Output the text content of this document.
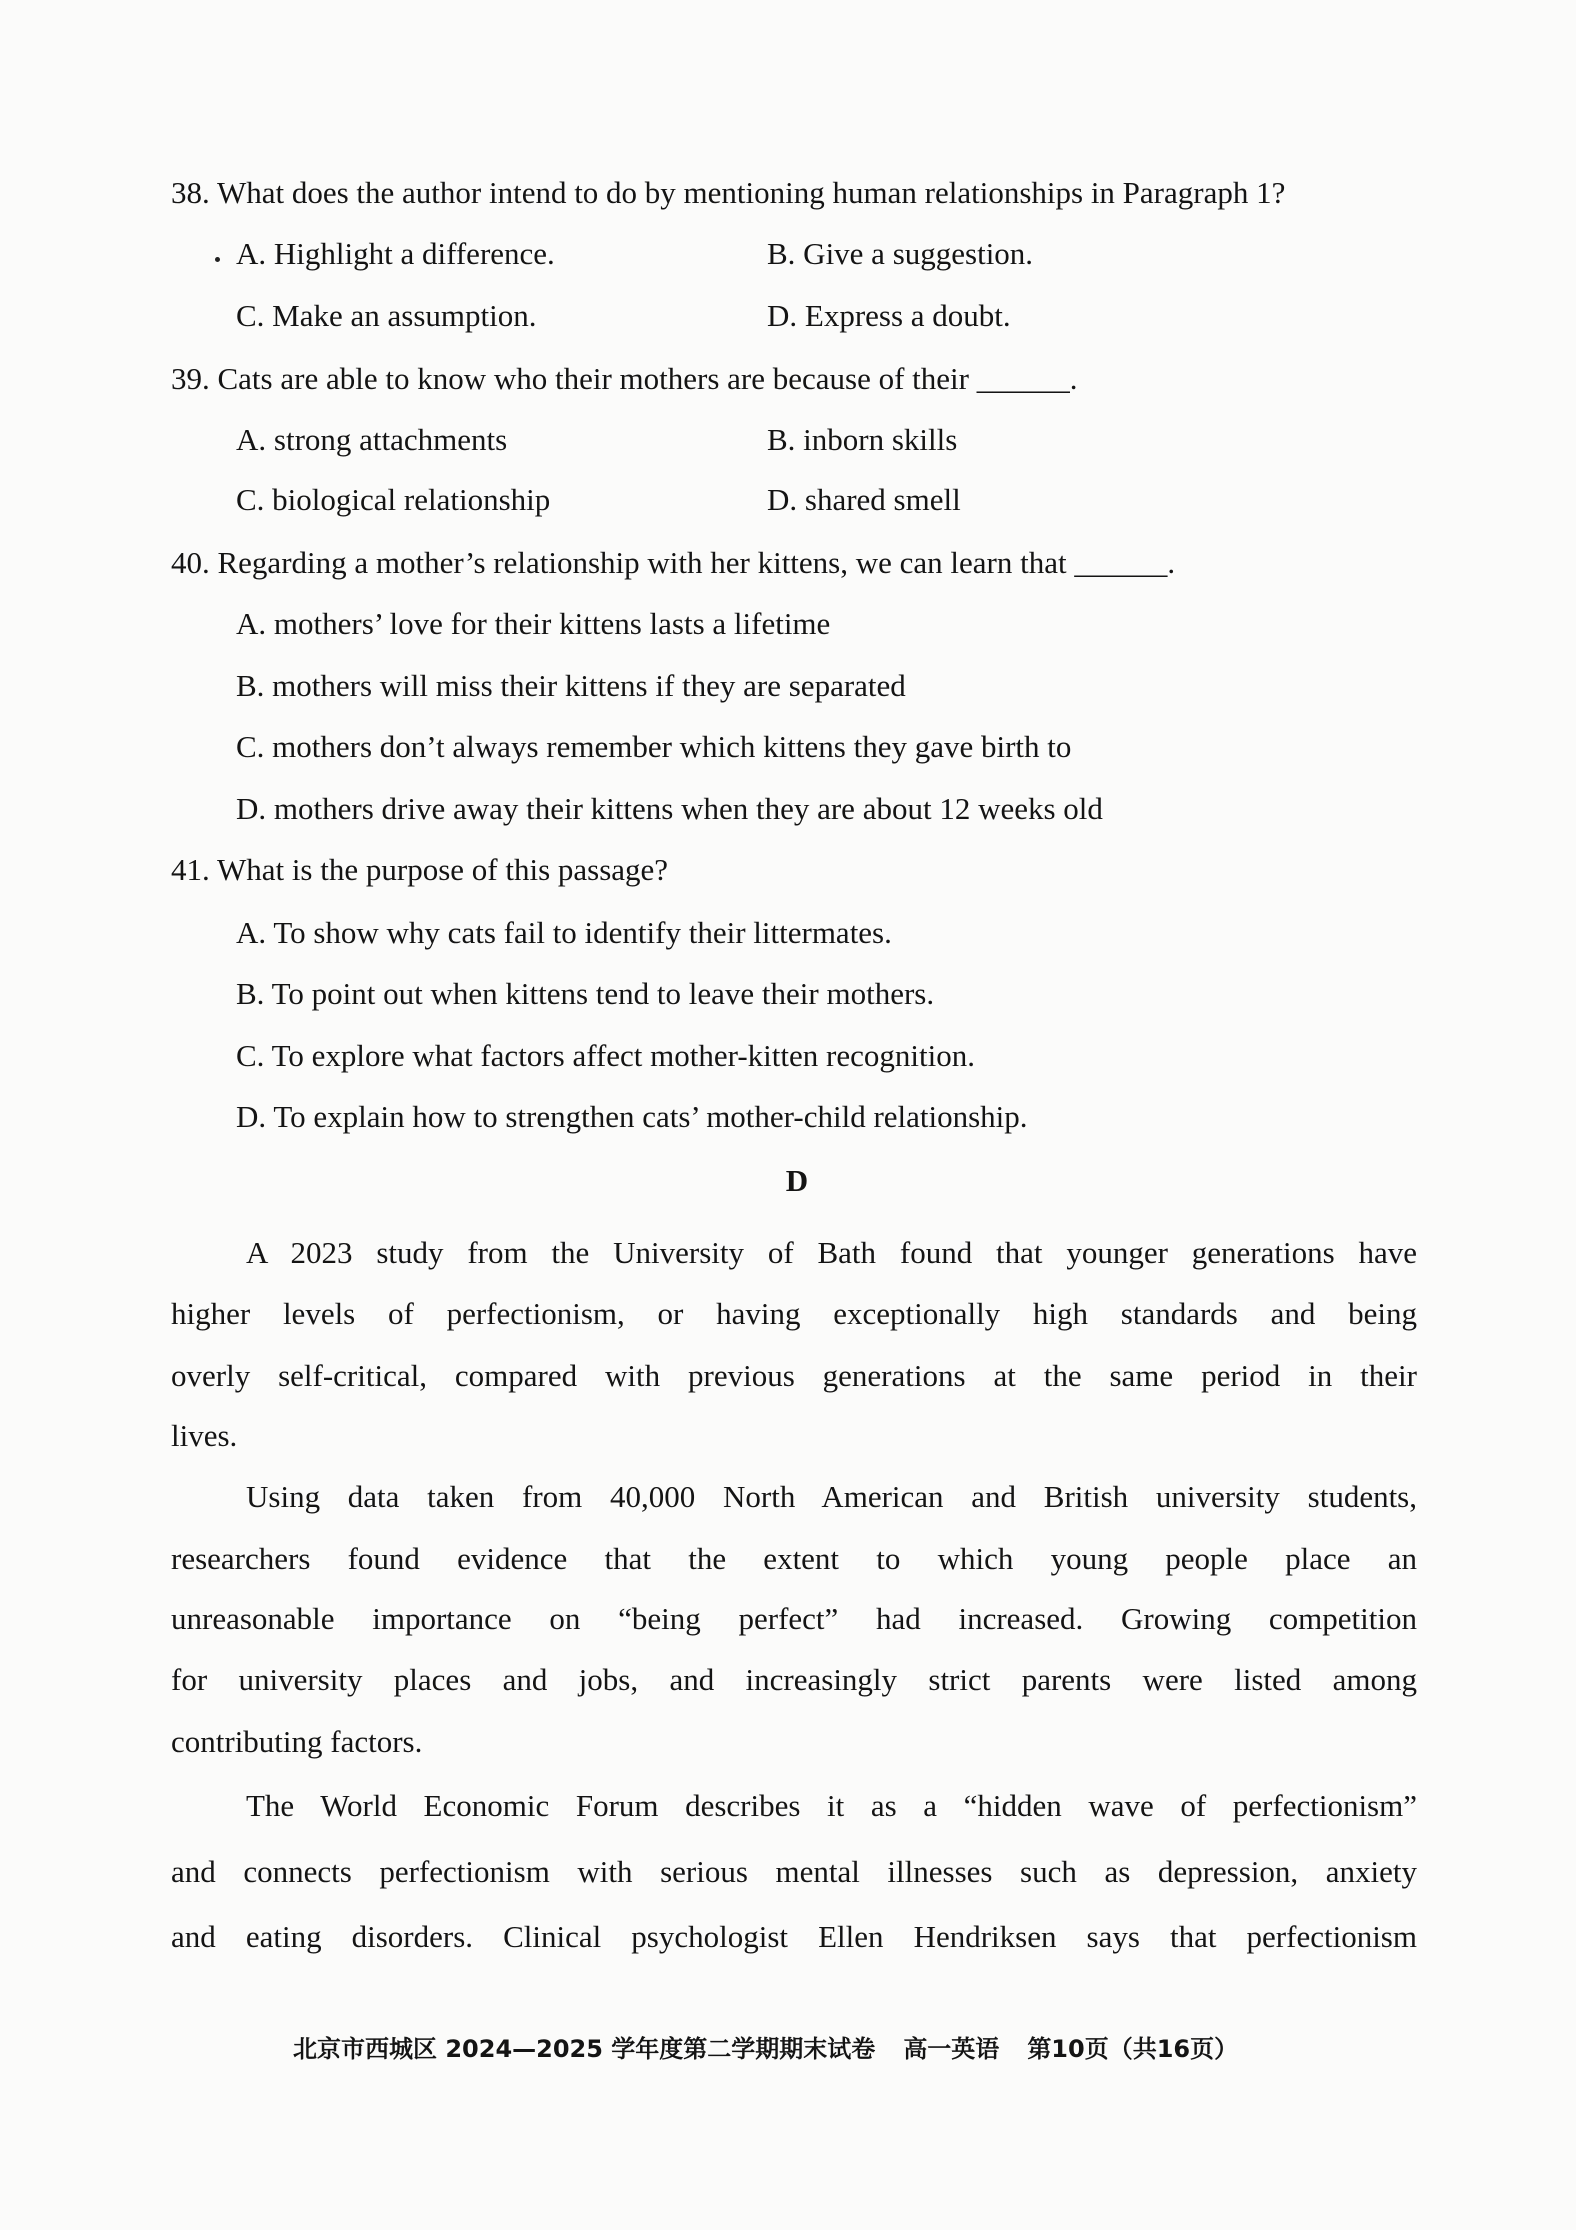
38. What does the author intend to do by mentioning human relationships in Paragraph 1?
A. Highlight a difference.	B. Give a suggestion.
C. Make an assumption.	D. Express a doubt.
39. Cats are able to know who their mothers are because of their ______.
A. strong attachments	B. inborn skills
C. biological relationship	D. shared smell
40. Regarding a mother’s relationship with her kittens, we can learn that ______.
A. mothers’ love for their kittens lasts a lifetime
B. mothers will miss their kittens if they are separated
C. mothers don’t always remember which kittens they gave birth to
D. mothers drive away their kittens when they are about 12 weeks old
41. What is the purpose of this passage?
A. To show why cats fail to identify their littermates.
B. To point out when kittens tend to leave their mothers.
C. To explore what factors affect mother-kitten recognition.
D. To explain how to strengthen cats’ mother-child relationship.
D
A 2023 study from the University of Bath found that younger generations have
higher levels of perfectionism, or having exceptionally high standards and being
overly self-critical, compared with previous generations at the same period in their
lives.
Using data taken from 40,000 North American and British university students,
researchers found evidence that the extent to which young people place an
unreasonable importance on “being perfect” had increased. Growing competition
for university places and jobs, and increasingly strict parents were listed among
contributing factors.
The World Economic Forum describes it as a “hidden wave of perfectionism”
and connects perfectionism with serious mental illnesses such as depression, anxiety
and eating disorders. Clinical psychologist Ellen Hendriksen says that perfectionism
北京市西城区 2024—2025 学年度第二学期期末试卷 高一英语 第10页（共16页）
